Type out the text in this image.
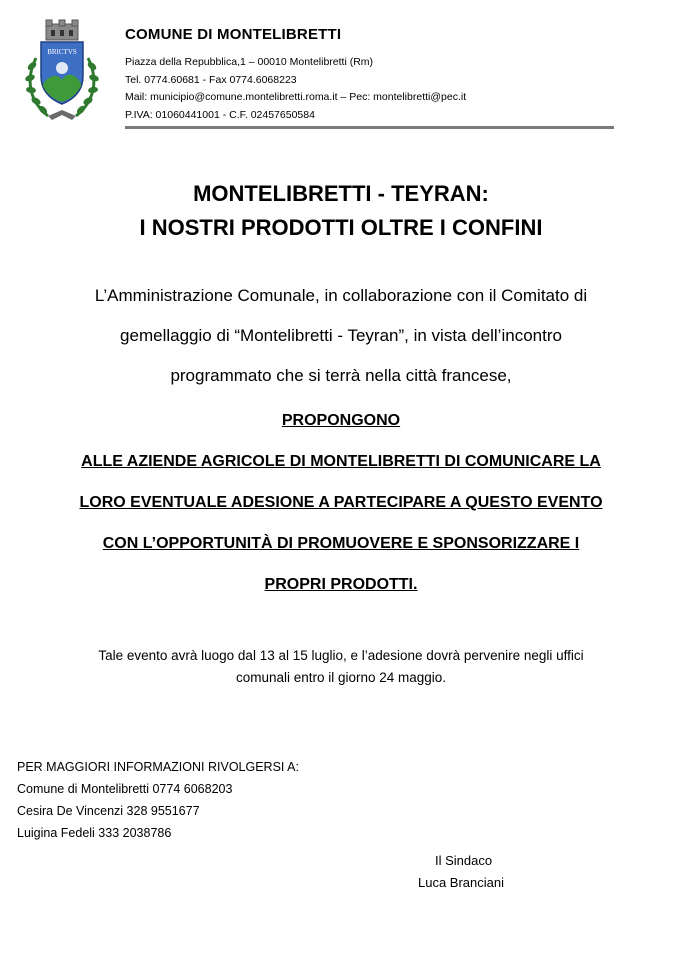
BRICTVS

COMUNE DI MONTELIBRETTI

Piazza della Repubblica,1 – 00010 Montelibretti (Rm)

Tel. 0774.60681 - Fax 0774.6068223

Mail: municipio@comune.montelibretti.roma.it – Pec: montelibretti@pec.it

P.IVA: 01060441001 - C.F. 02457650584

MONTELIBRETTI - TEYRAN:
I NOSTRI PRODOTTI OLTRE I CONFINI
L’Amministrazione Comunale, in collaborazione con il Comitato di
gemellaggio di “Montelibretti - Teyran”, in vista dell’incontro
programmato che si terrà nella città francese,
PROPONGONO
ALLE AZIENDE AGRICOLE DI MONTELIBRETTI DI COMUNICARE LA
LORO EVENTUALE ADESIONE A PARTECIPARE A QUESTO EVENTO
CON L’OPPORTUNITÀ DI PROMUOVERE E SPONSORIZZARE I
PROPRI PRODOTTI.
Tale evento avrà luogo dal 13 al 15 luglio, e l’adesione dovrà pervenire negli uffici
comunali entro il giorno 24 maggio.
PER MAGGIORI INFORMAZIONI RIVOLGERSI A:
Comune di Montelibretti 0774 6068203
Cesira De Vincenzi 328 9551677
Luigina Fedeli 333 2038786
Il Sindaco
Luca Branciani
